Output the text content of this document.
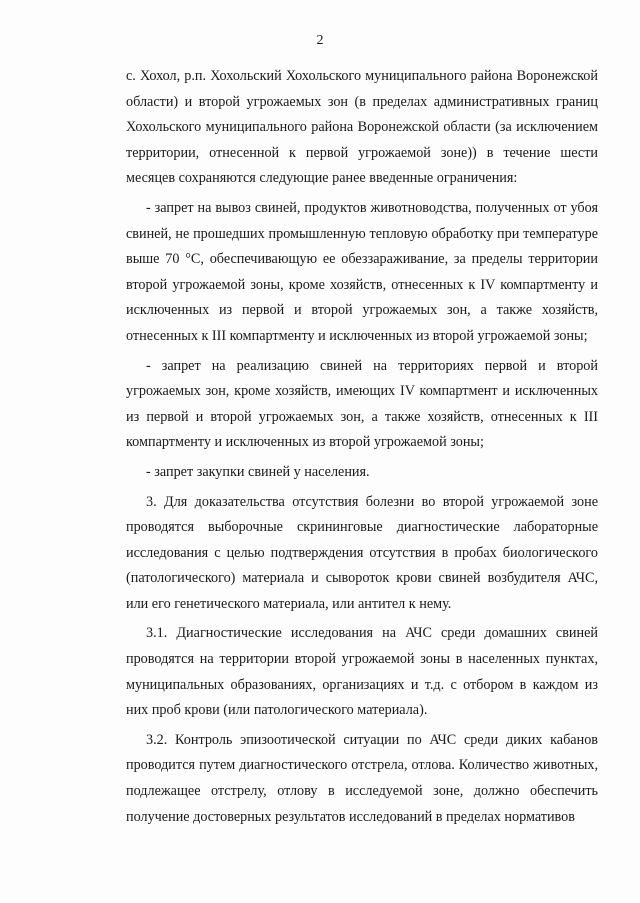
2

с. Хохол, р.п. Хохольский Хохольского муниципального района Воронежской области) и второй угрожаемых зон (в пределах административных границ Хохольского муниципального района Воронежской области (за исключением территории, отнесенной к первой угрожаемой зоне)) в течение шести месяцев сохраняются следующие ранее введенные ограничения:

- запрет на вывоз свиней, продуктов животноводства, полученных от убоя свиней, не прошедших промышленную тепловую обработку при температуре выше 70 °С, обеспечивающую ее обеззараживание, за пределы территории второй угрожаемой зоны, кроме хозяйств, отнесенных к IV компартменту и исключенных из первой и второй угрожаемых зон, а также хозяйств, отнесенных к III компартменту и исключенных из второй угрожаемой зоны;

- запрет на реализацию свиней на территориях первой и второй угрожаемых зон, кроме хозяйств, имеющих IV компартмент и исключенных из первой и второй угрожаемых зон, а также хозяйств, отнесенных к III компартменту и исключенных из второй угрожаемой зоны;

- запрет закупки свиней у населения.

3. Для доказательства отсутствия болезни во второй угрожаемой зоне проводятся выборочные скрининговые диагностические лабораторные исследования с целью подтверждения отсутствия в пробах биологического (патологического) материала и сывороток крови свиней возбудителя АЧС, или его генетического материала, или антител к нему.

3.1. Диагностические исследования на АЧС среди домашних свиней проводятся на территории второй угрожаемой зоны в населенных пунктах, муниципальных образованиях, организациях и т.д. с отбором в каждом из них проб крови (или патологического материала).

3.2. Контроль эпизоотической ситуации по АЧС среди диких кабанов проводится путем диагностического отстрела, отлова. Количество животных, подлежащее отстрелу, отлову в исследуемой зоне, должно обеспечить получение достоверных результатов исследований в пределах нормативов
